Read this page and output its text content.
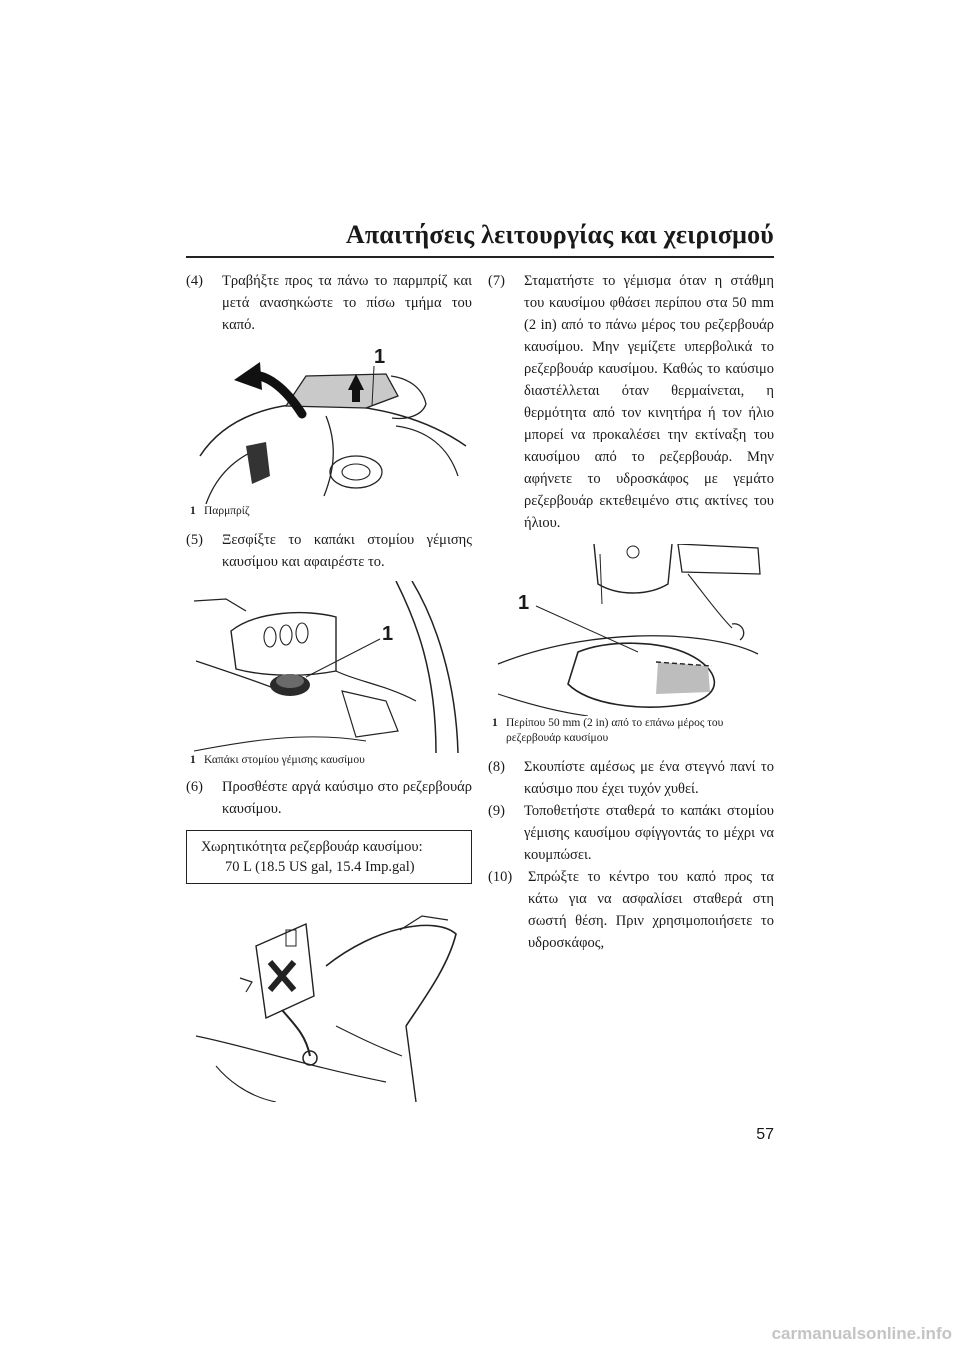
Απαιτήσεις λειτουργίας και χειρισμού

(4) Τραβήξτε προς τα πάνω το παρμπρίζ και μετά ανασηκώστε το πίσω τμήμα του καπό.

1
1 Παρμπρίζ

(5) Ξεσφίξτε το καπάκι στομίου γέμισης καυσίμου και αφαιρέστε το.

1
1 Καπάκι στομίου γέμισης καυσίμου

(6) Προσθέστε αργά καύσιμο στο ρεζερβουάρ καυσίμου.

Χωρητικότητα ρεζερβουάρ καυσίμου:
70 L (18.5 US gal, 15.4 Imp.gal)

(7) Σταματήστε το γέμισμα όταν η στάθμη του καυσίμου φθάσει περίπου στα 50 mm (2 in) από το πάνω μέρος του ρεζερβουάρ καυσίμου. Μην γεμίζετε υπερβολικά το ρεζερβουάρ καυσίμου. Καθώς το καύσιμο διαστέλλεται όταν θερμαίνεται, η θερμότητα από τον κινητήρα ή τον ήλιο μπορεί να προκαλέσει την εκτίναξη του καυσίμου από το ρεζερβουάρ. Μην αφήνετε το υδροσκάφος με γεμάτο ρεζερβουάρ εκτεθειμένο στις ακτίνες του ήλιου.

1
1 Περίπου 50 mm (2 in) από το επάνω μέρος του ρεζερβουάρ καυσίμου

(8) Σκουπίστε αμέσως με ένα στεγνό πανί το καύσιμο που έχει τυχόν χυθεί.

(9) Τοποθετήστε σταθερά το καπάκι στομίου γέμισης καυσίμου σφίγγοντάς το μέχρι να κουμπώσει.

(10) Σπρώξτε το κέντρο του καπό προς τα κάτω για να ασφαλίσει σταθερά στη σωστή θέση. Πριν χρησιμοποιήσετε το υδροσκάφος,

57
carmanualsonline.info
